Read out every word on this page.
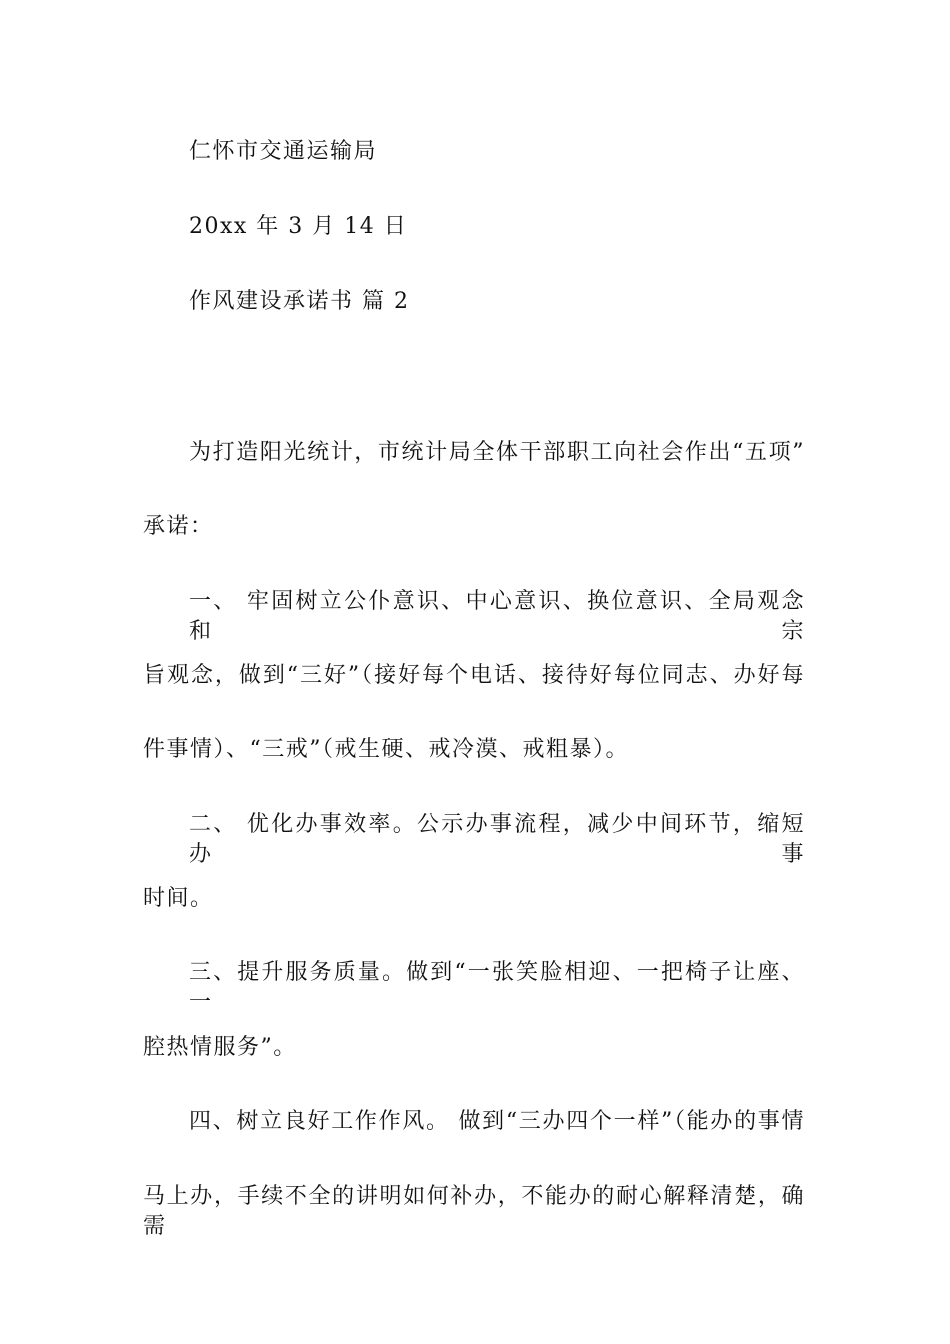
仁怀市交通运输局
20xx 年 3 月 14 日
作风建设承诺书 篇 2
为打造阳光统计，市统计局全体干部职工向社会作出“五项”
承诺：
一、 牢固树立公仆意识、中心意识、换位意识、全局观念和宗
旨观念，做到“三好”（接好每个电话、接待好每位同志、办好每
件事情）、“三戒”（戒生硬、戒冷漠、戒粗暴）。
二、 优化办事效率。公示办事流程，减少中间环节，缩短办事
时间。
三、提升服务质量。做到“一张笑脸相迎、一把椅子让座、一
腔热情服务”。
四、树立良好工作作风。 做到“三办四个一样”（能办的事情
马上办，手续不全的讲明如何补办，不能办的耐心解释清楚，确需
